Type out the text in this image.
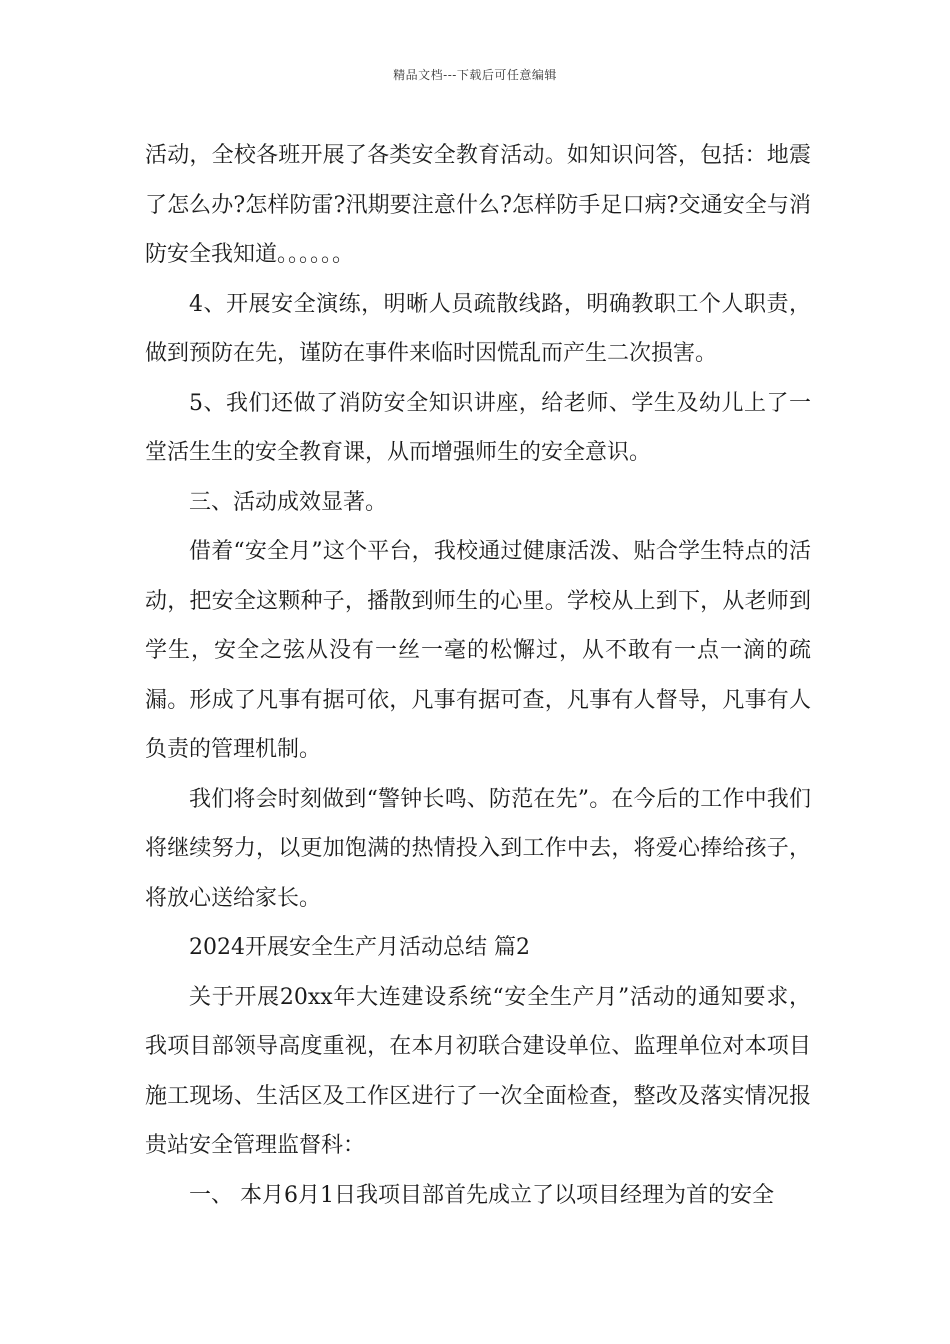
精品文档---下载后可任意编辑

活动，全校各班开展了各类安全教育活动。如知识问答，包括：地震了怎么办?怎样防雷?汛期要注意什么?怎样防手足口病?交通安全与消防安全我知道。。。。。。

4、开展安全演练，明晰人员疏散线路，明确教职工个人职责，做到预防在先，谨防在事件来临时因慌乱而产生二次损害。

5、我们还做了消防安全知识讲座，给老师、学生及幼儿上了一堂活生生的安全教育课，从而增强师生的安全意识。

三、活动成效显著。

借着“安全月”这个平台，我校通过健康活泼、贴合学生特点的活动，把安全这颗种子，播散到师生的心里。学校从上到下，从老师到学生，安全之弦从没有一丝一毫的松懈过，从不敢有一点一滴的疏漏。形成了凡事有据可依，凡事有据可查，凡事有人督导，凡事有人负责的管理机制。

我们将会时刻做到“警钟长鸣、防范在先”。在今后的工作中我们将继续努力，以更加饱满的热情投入到工作中去，将爱心捧给孩子，将放心送给家长。

2024开展安全生产月活动总结 篇2

关于开展20xx年大连建设系统“安全生产月”活动的通知要求，我项目部领导高度重视，在本月初联合建设单位、监理单位对本项目施工现场、生活区及工作区进行了一次全面检查，整改及落实情况报贵站安全管理监督科：

一、 本月6月1日我项目部首先成立了以项目经理为首的安全
